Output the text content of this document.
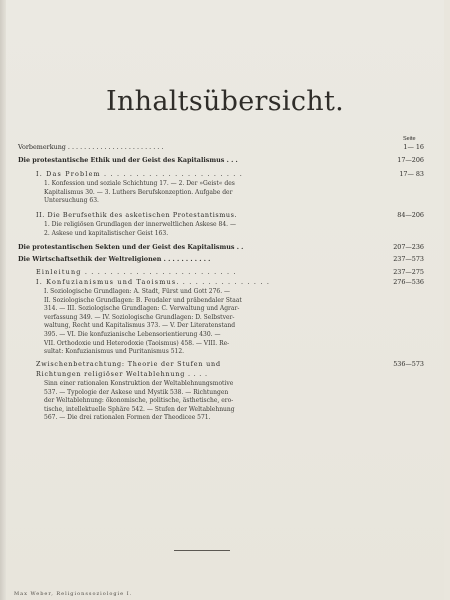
Inhaltsübersicht.
Seite
Vorbemerkung . . . . . . . . . . . . . . . . . . . . . . . .	1— 16
Die protestantische Ethik und der Geist des Kapitalismus . . .	17—206
I. Das Problem . . . . . . . . . . . . . . . . . . . . . .	17— 83
1. Konfession und soziale Schichtung 17. — 2. Der »Geist« des
Kapitalismus 30. — 3. Luthers Berufskonzeption. Aufgabe der
Untersuchung 63.
II. Die Berufsethik des asketischen Protestantismus.	84—206
1. Die religiösen Grundlagen der innerweltlichen Askese 84. —
2. Askese und kapitalistischer Geist 163.
Die protestantischen Sekten und der Geist des Kapitalismus . .	207—236
Die Wirtschaftsethik der Weltreligionen . . . . . . . . . . .	237—573
Einleitung . . . . . . . . . . . . . . . . . . . . . . . .	237—275
I. Konfuzianismus und Taoismus. . . . . . . . . . . . . . .	276—536
I. Soziologische Grundlagen: A. Stadt, Fürst und Gott 276. —
II. Soziologische Grundlagen: B. Feudaler und präbendaler Staat
314. — III. Soziologische Grundlagen: C. Verwaltung und Agrar-
verfassung 349. — IV. Soziologische Grundlagen: D. Selbstver-
waltung, Recht und Kapitalismus 373. — V. Der Literatenstand
395. — VI. Die konfuzianische Lebensorientierung 430. —
VII. Orthodoxie und Heterodoxie (Taoismus) 458. — VIII. Re-
sultat: Konfuzianismus und Puritanismus 512.
Zwischenbetrachtung: Theorie der Stufen und	536—573
Richtungen religiöser Weltablehnung . . . .
Sinn einer rationalen Konstruktion der Weltablehnungsmotive
537. — Typologie der Askese und Mystik 538. — Richtungen
der Weltablehnung: ökonomische, politische, ästhetische, ero-
tische, intellektuelle Sphäre 542. — Stufen der Weltablehnung
567. — Die drei rationalen Formen der Theodicee 571.
Max Weber, Religionssoziologie I.
